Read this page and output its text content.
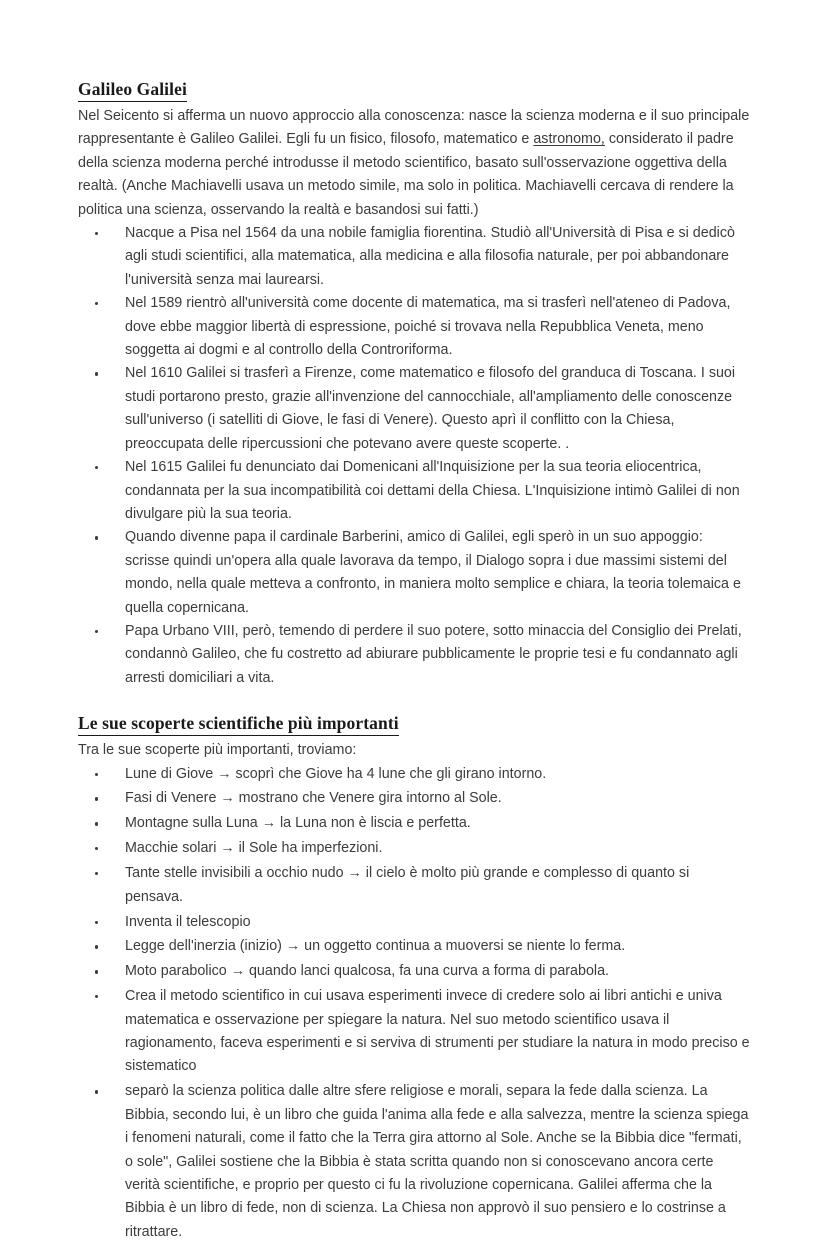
Galileo Galilei

Nel Seicento si afferma un nuovo approccio alla conoscenza: nasce la scienza moderna e il suo principale rappresentante è Galileo Galilei. Egli fu un fisico, filosofo, matematico e astronomo, considerato il padre della scienza moderna perché introdusse il metodo scientifico, basato sull'osservazione oggettiva della realtà. (Anche Machiavelli usava un metodo simile, ma solo in politica. Machiavelli cercava di rendere la politica una scienza, osservando la realtà e basandosi sui fatti.)

Nacque a Pisa nel 1564 da una nobile famiglia fiorentina. Studiò all'Università di Pisa e si dedicò agli studi scientifici, alla matematica, alla medicina e alla filosofia naturale, per poi abbandonare l'università senza mai laurearsi.
Nel 1589 rientrò all'università come docente di matematica, ma si trasferì nell'ateneo di Padova, dove ebbe maggior libertà di espressione, poiché si trovava nella Repubblica Veneta, meno soggetta ai dogmi e al controllo della Controriforma.
Nel 1610 Galilei si trasferì a Firenze, come matematico e filosofo del granduca di Toscana. I suoi studi portarono presto, grazie all'invenzione del cannocchiale, all'ampliamento delle conoscenze sull'universo (i satelliti di Giove, le fasi di Venere). Questo aprì il conflitto con la Chiesa, preoccupata delle ripercussioni che potevano avere queste scoperte. .
Nel 1615 Galilei fu denunciato dai Domenicani all'Inquisizione per la sua teoria eliocentrica, condannata per la sua incompatibilità coi dettami della Chiesa. L'Inquisizione intimò Galilei di non divulgare più la sua teoria.
Quando divenne papa il cardinale Barberini, amico di Galilei, egli sperò in un suo appoggio: scrisse quindi un'opera alla quale lavorava da tempo, il Dialogo sopra i due massimi sistemi del mondo, nella quale metteva a confronto, in maniera molto semplice e chiara, la teoria tolemaica e quella copernicana.
Papa Urbano VIII, però, temendo di perdere il suo potere, sotto minaccia del Consiglio dei Prelati, condannò Galileo, che fu costretto ad abiurare pubblicamente le proprie tesi e fu condannato agli arresti domiciliari a vita.
Le sue scoperte scientifiche più importanti

Tra le sue scoperte più importanti, troviamo:

Lune di Giove → scoprì che Giove ha 4 lune che gli girano intorno.
Fasi di Venere → mostrano che Venere gira intorno al Sole.
Montagne sulla Luna → la Luna non è liscia e perfetta.
Macchie solari → il Sole ha imperfezioni.
Tante stelle invisibili a occhio nudo → il cielo è molto più grande e complesso di quanto si pensava.
Inventa il telescopio
Legge dell'inerzia (inizio) → un oggetto continua a muoversi se niente lo ferma.
Moto parabolico → quando lanci qualcosa, fa una curva a forma di parabola.
Crea il metodo scientifico in cui usava esperimenti invece di credere solo ai libri antichi e univa matematica e osservazione per spiegare la natura. Nel suo metodo scientifico usava il ragionamento, faceva esperimenti e si serviva di strumenti per studiare la natura in modo preciso e sistematico
separò la scienza politica dalle altre sfere religiose e morali, separa la fede dalla scienza. La Bibbia, secondo lui, è un libro che guida l'anima alla fede e alla salvezza, mentre la scienza spiega i fenomeni naturali, come il fatto che la Terra gira attorno al Sole. Anche se la Bibbia dice "fermati, o sole", Galilei sostiene che la Bibbia è stata scritta quando non si conoscevano ancora certe verità scientifiche, e proprio per questo ci fu la rivoluzione copernicana. Galilei afferma che la Bibbia è un libro di fede, non di scienza. La Chiesa non approvò il suo pensiero e lo costrinse a ritrattare.
